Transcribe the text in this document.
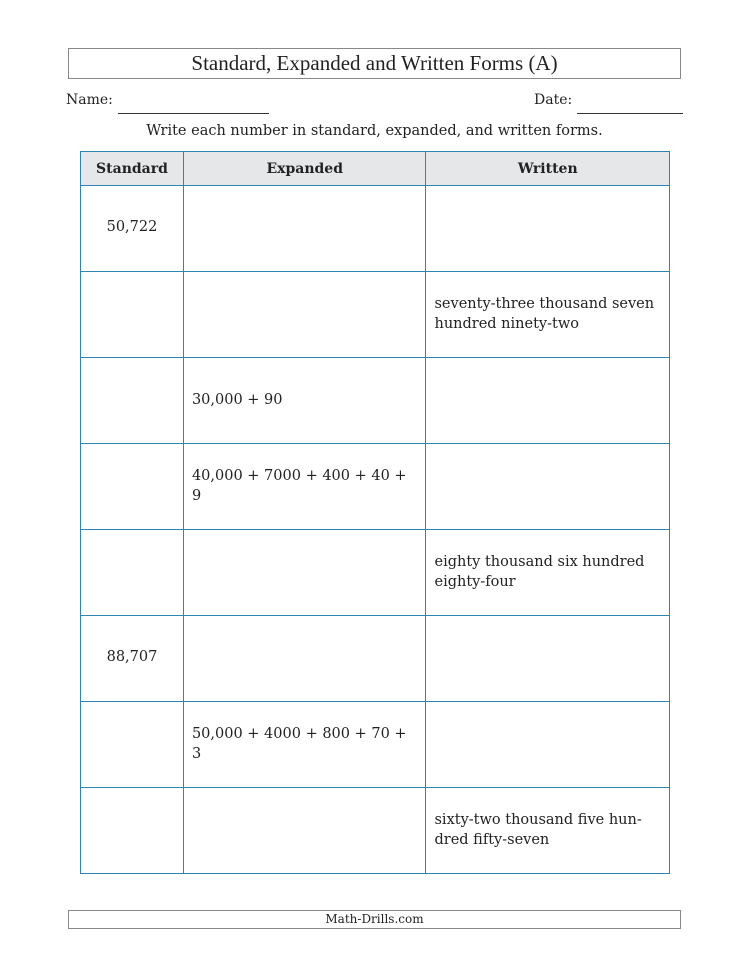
Standard, Expanded and Written Forms (A)
Name:	Date:
Write each number in standard, expanded, and written forms.
Standard	Expanded	Written
50,722		
		seventy-three thousand seven
hundred ninety-two
	30,000 + 90	
	40,000 + 7000 + 400 + 40 +
9	
		eighty thousand six hundred
eighty-four
88,707		
	50,000 + 4000 + 800 + 70 +
3	
		sixty-two thousand five hun-
dred fifty-seven
Math-Drills.com
